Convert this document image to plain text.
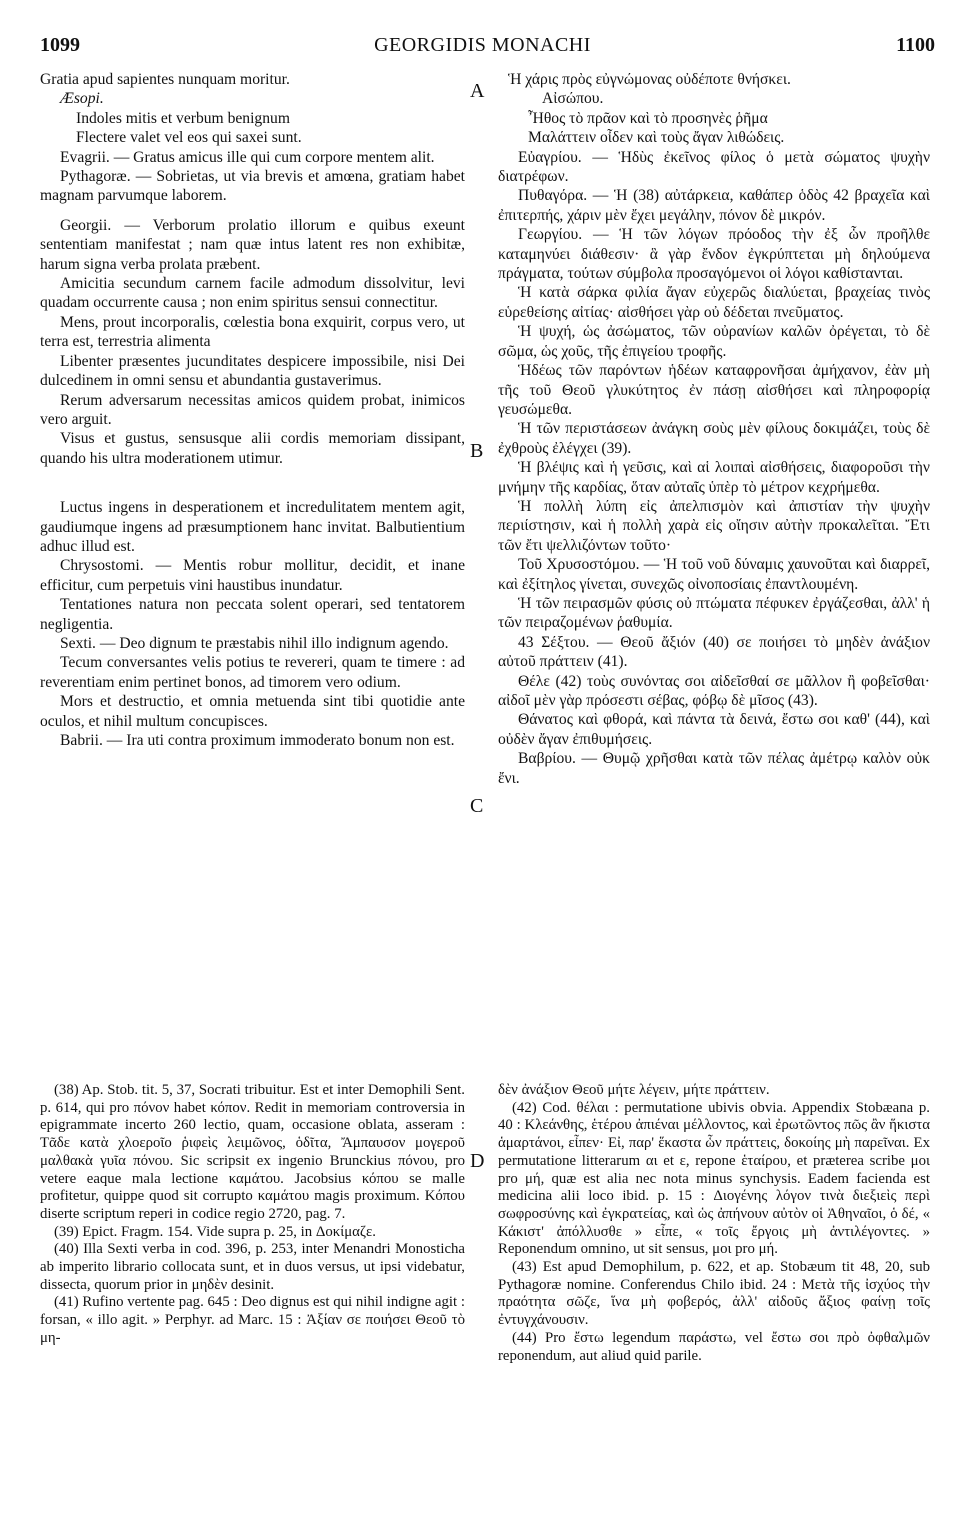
1099	GEORGIDIS MONACHI	1100
A
B
C
D

Gratia apud sapientes nunquam moritur.

Æsopi.

Indoles mitis et verbum benignum

Flectere valet vel eos qui saxei sunt.

Evagrii. — Gratus amicus ille qui cum corpore mentem alit.

Pythagoræ. — Sobrietas, ut via brevis et amœna, gratiam habet magnam parvumque laborem.

Georgii. — Verborum prolatio illorum e quibus exeunt sententiam manifestat ; nam quæ intus latent res non exhibitæ, harum signa verba prolata præbent.

Amicitia secundum carnem facile admodum dissolvitur, levi quadam occurrente causa ; non enim spiritus sensui connectitur.

Mens, prout incorporalis, cœlestia bona exquirit, corpus vero, ut terra est, terrestria alimenta

Libenter præsentes jucunditates despicere impossibile, nisi Dei dulcedinem in omni sensu et abundantia gustaverimus.

Rerum adversarum necessitas amicos quidem probat, inimicos vero arguit.

Visus et gustus, sensusque alii cordis memoriam dissipant, quando his ultra moderationem utimur.

Luctus ingens in desperationem et incredulitatem mentem agit, gaudiumque ingens ad præsumptionem hanc invitat. Balbutientium adhuc illud est.

Chrysostomi. — Mentis robur mollitur, decidit, et inane efficitur, cum perpetuis vini haustibus inundatur.

Tentationes natura non peccata solent operari, sed tentatorem negligentia.

Sexti. — Deo dignum te præstabis nihil illo indignum agendo.

Tecum conversantes velis potius te revereri, quam te timere : ad reverentiam enim pertinet bonos, ad timorem vero odium.

Mors et destructio, et omnia metuenda sint tibi quotidie ante oculos, et nihil multum concupisces.

Babrii. — Ira uti contra proximum immoderato bonum non est.

Ἡ χάρις πρὸς εὐγνώμονας οὐδέποτε θνήσκει.

Αἰσώπου.

Ἦθος τὸ πρᾶον καὶ τὸ προσηνὲς ῥῆμα

Μαλάττειν οἶδεν καὶ τοὺς ἄγαν λιθώδεις.

Εὐαγρίου. — Ἡδὺς ἐκεῖνος φίλος ὁ μετὰ σώματος ψυχὴν διατρέφων.

Πυθαγόρα. — Ἡ (38) αὐτάρκεια, καθάπερ ὁδὸς 42 βραχεῖα καὶ ἐπιτερπής, χάριν μὲν ἔχει μεγάλην, πόνον δὲ μικρόν.

Γεωργίου. — Ἡ τῶν λόγων πρόοδος τὴν ἐξ ὧν προῆλθε καταμηνύει διάθεσιν· ἃ γὰρ ἔνδον ἐγκρύπτεται μὴ δηλούμενα πράγματα, τούτων σύμβολα προσαγόμενοι οἱ λόγοι καθίστανται.

Ἡ κατὰ σάρκα φιλία ἄγαν εὐχερῶς διαλύεται, βραχείας τινὸς εὑρεθείσης αἰτίας· αἰσθήσει γὰρ οὐ δέδεται πνεῦματος.

Ἡ ψυχή, ὡς ἀσώματος, τῶν οὐρανίων καλῶν ὀρέγεται, τὸ δὲ σῶμα, ὡς χοῦς, τῆς ἐπιγείου τροφῆς.

Ἡδέως τῶν παρόντων ἡδέων καταφρονῆσαι ἀμήχανον, ἐὰν μὴ τῆς τοῦ Θεοῦ γλυκύτητος ἐν πάσῃ αἰσθήσει καὶ πληροφορίᾳ γευσώμεθα.

Ἡ τῶν περιστάσεων ἀνάγκη σοὺς μὲν φίλους δοκιμάζει, τοὺς δὲ ἐχθροὺς ἐλέγχει (39).

Ἡ βλέψις καὶ ἡ γεῦσις, καὶ αἱ λοιπαὶ αἰσθήσεις, διαφοροῦσι τὴν μνήμην τῆς καρδίας, ὅταν αὐταῖς ὑπὲρ τὸ μέτρον κεχρήμεθα.

Ἡ πολλὴ λύπη εἰς ἀπελπισμὸν καὶ ἀπιστίαν τὴν ψυχὴν περιίστησιν, καὶ ἡ πολλὴ χαρὰ εἰς οἴησιν αὐτὴν προκαλεῖται. Ἔτι τῶν ἔτι ψελλιζόντων τοῦτο·

Τοῦ Χρυσοστόμου. — Ἡ τοῦ νοῦ δύναμις χαυνοῦται καὶ διαρρεῖ, καὶ ἐξίτηλος γίνεται, συνεχῶς οἰνοποσίαις ἐπαντλουμένη.

Ἡ τῶν πειρασμῶν φύσις οὐ πτώματα πέφυκεν ἐργάζεσθαι, ἀλλ' ἡ τῶν πειραζομένων ῥαθυμία.

43 Σέξτου. — Θεοῦ ἄξιόν (40) σε ποιήσει τὸ μηδὲν ἀνάξιον αὐτοῦ πράττειν (41).

Θέλε (42) τοὺς συνόντας σοι αἰδεῖσθαί σε μᾶλλον ἢ φοβεῖσθαι· αἰδοῖ μὲν γὰρ πρόσεστι σέβας, φόβῳ δὲ μῖσος (43).

Θάνατος καὶ φθορά, καὶ πάντα τὰ δεινά, ἔστω σοι καθ' (44), καὶ οὐδὲν ἄγαν ἐπιθυμήσεις.

Βαβρίου. — Θυμῷ χρῆσθαι κατὰ τῶν πέλας ἀμέτρῳ καλὸν οὐκ ἔνι.

(38) Ap. Stob. tit. 5, 37, Socrati tribuitur. Est et inter Demophili Sent. p. 614, qui pro πόνον habet κόπον. Redit in memoriam controversia in epigrammate incerto 260 lectio, quam, occasione oblata, asseram : Τᾶδε κατὰ χλοεροῖο ῥιφεὶς λειμῶνος, ὁδῖτα, Ἄμπαυσον μογεροῦ μαλθακὰ γυῖα πόνου. Sic scripsit ex ingenio Brunckius πόνου, pro vetere eaque mala lectione καμάτου. Jacobsius κόπου se malle profitetur, quippe quod sit corrupto καμάτου magis proximum. Κόπου diserte scriptum reperi in codice regio 2720, pag. 7.

(39) Epict. Fragm. 154. Vide supra p. 25, in Δοκίμαζε.

(40) Illa Sexti verba in cod. 396, p. 253, inter Menandri Monosticha ab imperito librario collocata sunt, et in duos versus, ut ipsi videbatur, dissecta, quorum prior in μηδὲν desinit.

(41) Rufino vertente pag. 645 : Deo dignus est qui nihil indigne agit : forsan, « illo agit. » Perphyr. ad Marc. 15 : Ἀξίαν σε ποιήσει Θεοῦ τὸ μη-

δὲν ἀνάξιον Θεοῦ μήτε λέγειν, μήτε πράττειν.

(42) Cod. θέλαι : permutatione ubivis obvia. Appendix Stobæana p. 40 : Κλεάνθης, ἑτέρου ἀπιέναι μέλλοντος, καὶ ἐρωτῶντος πῶς ἂν ἥκιστα ἁμαρτάνοι, εἶπεν· Εἰ, παρ' ἕκαστα ὧν πράττεις, δοκοίης μὴ παρεῖναι. Ex permutatione litterarum αι et ε, repone ἑταίρου, et præterea scribe μοι pro μή, quæ est alia nec nota minus synchysis. Eadem facienda est medicina alii loco ibid. p. 15 : Διογένης λόγον τινὰ διεξιεὶς περὶ σωφροσύνης καὶ ἐγκρατείας, καὶ ὡς ἀπήνουν αὐτὸν οἱ Ἀθηναῖοι, ὁ δέ, « Κάκιστ' ἀπόλλυσθε » εἶπε, « τοῖς ἔργοις μὴ ἀντιλέγοντες. » Reponendum omnino, ut sit sensus, μοι pro μή.

(43) Est apud Demophilum, p. 622, et ap. Stobæum tit 48, 20, sub Pythagoræ nomine. Conferendus Chilo ibid. 24 : Μετὰ τῆς ἰσχύος τὴν πραότητα σῶζε, ἵνα μὴ φοβερός, ἀλλ' αἰδοῦς ἄξιος φαίνῃ τοῖς ἐντυγχάνουσιν.

(44) Pro ἔστω legendum παράστω, vel ἔστω σοι πρὸ ὀφθαλμῶν reponendum, aut aliud quid parile.
